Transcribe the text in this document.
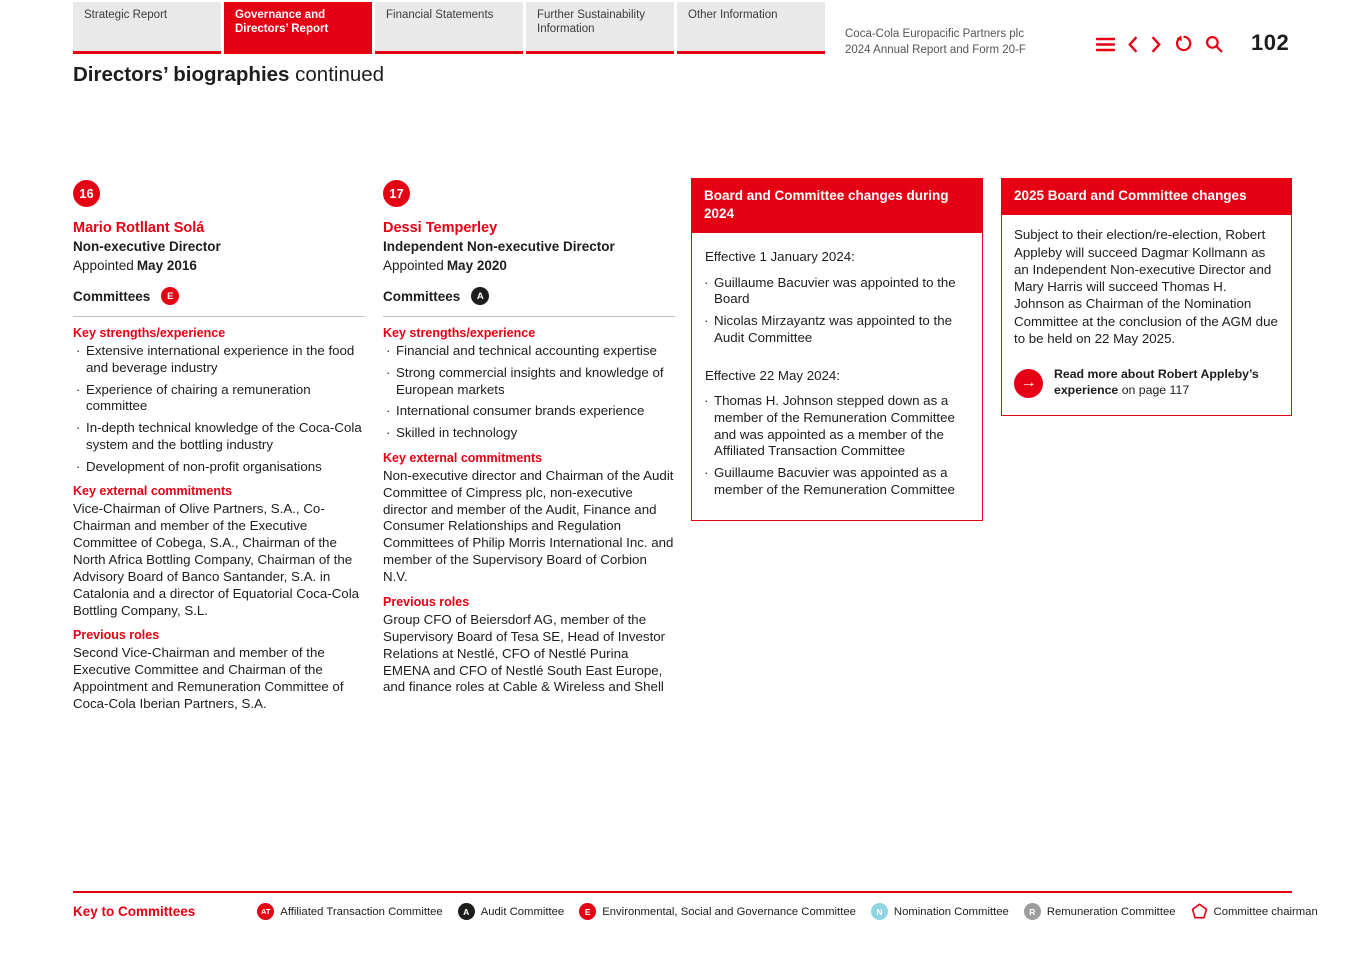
Strategic Report	Governance and Directors’ Report
Financial Statements	Further Sustainability Information
Other Information
Coca-Cola Europacific Partners plc
2024 Annual Report and Form 20-F	102
Directors’ biographies continued
16
Mario Rotllant Solá
Non-executive Director
Appointed May 2016
Committees	E
Key strengths/experience
· Extensive international experience in the food and beverage industry
· Experience of chairing a remuneration committee
· In-depth technical knowledge of the Coca-Cola system and the bottling industry
· Development of non-profit organisations
Key external commitments

Vice-Chairman of Olive Partners, S.A., Co-Chairman and member of the Executive Committee of Cobega, S.A., Chairman of the North Africa Bottling Company, Chairman of the Advisory Board of Banco Santander, S.A. in Catalonia and a director of Equatorial Coca-Cola Bottling Company, S.L.

Previous roles

Second Vice-Chairman and member of the Executive Committee and Chairman of the Appointment and Remuneration Committee of Coca-Cola Iberian Partners, S.A.

17
Dessi Temperley
Independent Non-executive Director
Appointed May 2020
Committees	A
Key strengths/experience
· Financial and technical accounting expertise
· Strong commercial insights and knowledge of European markets
· International consumer brands experience
· Skilled in technology
Key external commitments

Non-executive director and Chairman of the Audit Committee of Cimpress plc, non-executive director and member of the Audit, Finance and Consumer Relationships and Regulation Committees of Philip Morris International Inc. and member of the Supervisory Board of Corbion N.V.

Previous roles

Group CFO of Beiersdorf AG, member of the Supervisory Board of Tesa SE, Head of Investor Relations at Nestlé, CFO of Nestlé Purina EMENA and CFO of Nestlé South East Europe, and finance roles at Cable & Wireless and Shell

Board and Committee changes during 2024
Effective 1 January 2024:
· Guillaume Bacuvier was appointed to the Board
· Nicolas Mirzayantz was appointed to the Audit Committee
Effective 22 May 2024:
· Thomas H. Johnson stepped down as a member of the Remuneration Committee and was appointed as a member of the Affiliated Transaction Committee
· Guillaume Bacuvier was appointed as a member of the Remuneration Committee
2025 Board and Committee changes

Subject to their election/re-election, Robert Appleby will succeed Dagmar Kollmann as an Independent Non-executive Director and Mary Harris will succeed Thomas H. Johnson as Chairman of the Nomination Committee at the conclusion of the AGM due to be held on 22 May 2025.

→	Read more about Robert Appleby’s experience on page 117
Key to Committees	AT Affiliated Transaction Committee	A	Audit Committee	E	Environmental, Social and Governance Committee	N	Nomination Committee	R	Remuneration Committee	Committee chairman
